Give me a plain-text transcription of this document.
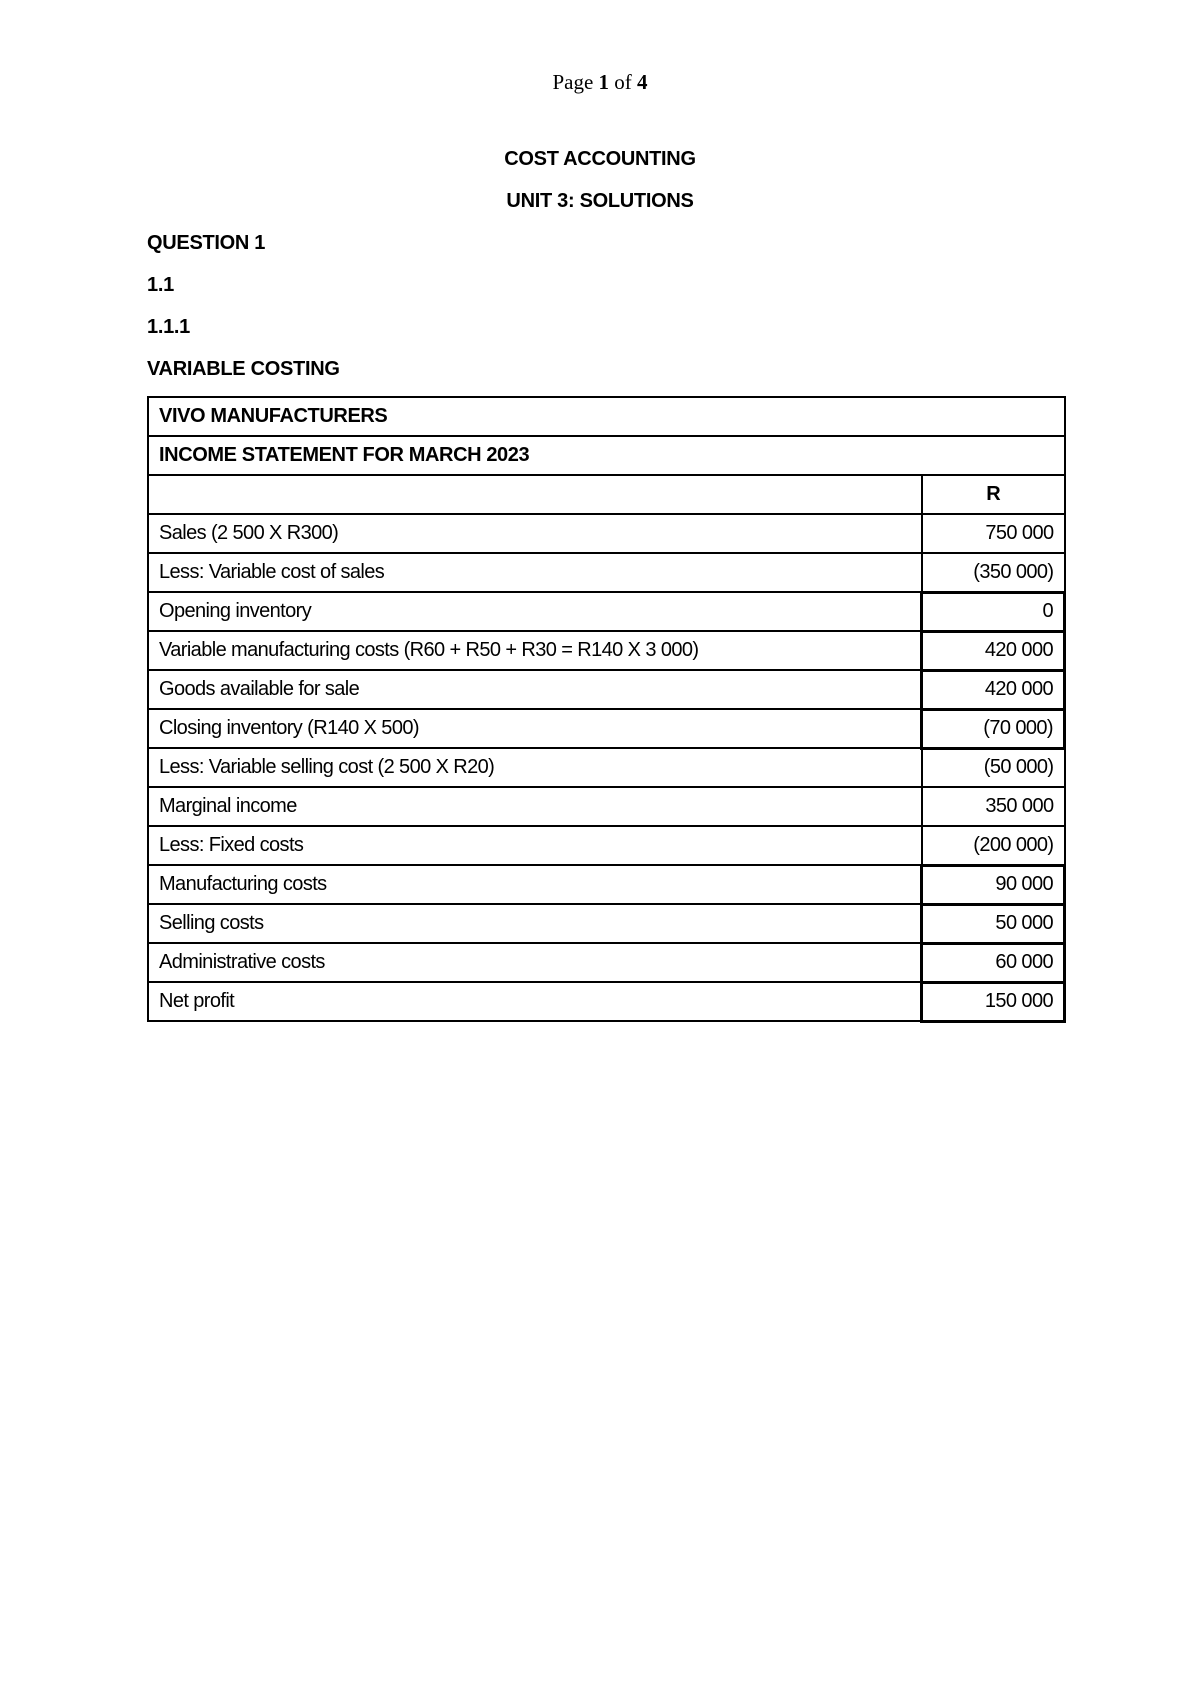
Page 1 of 4
COST ACCOUNTING
UNIT 3: SOLUTIONS
QUESTION 1
1.1
1.1.1
VARIABLE COSTING
VIVO MANUFACTURERS	
INCOME STATEMENT FOR MARCH 2023	
	R
Sales (2 500 X R300)	750 000
Less: Variable cost of sales	(350 000)
Opening inventory	0
Variable manufacturing costs (R60 + R50 + R30 = R140 X 3 000)	420 000
Goods available for sale	420 000
Closing inventory (R140 X 500)	(70 000)
Less: Variable selling cost (2 500 X R20)	(50 000)
Marginal income	350 000
Less: Fixed costs	(200 000)
Manufacturing costs	90 000
Selling costs	50 000
Administrative costs	60 000
Net profit	150 000
